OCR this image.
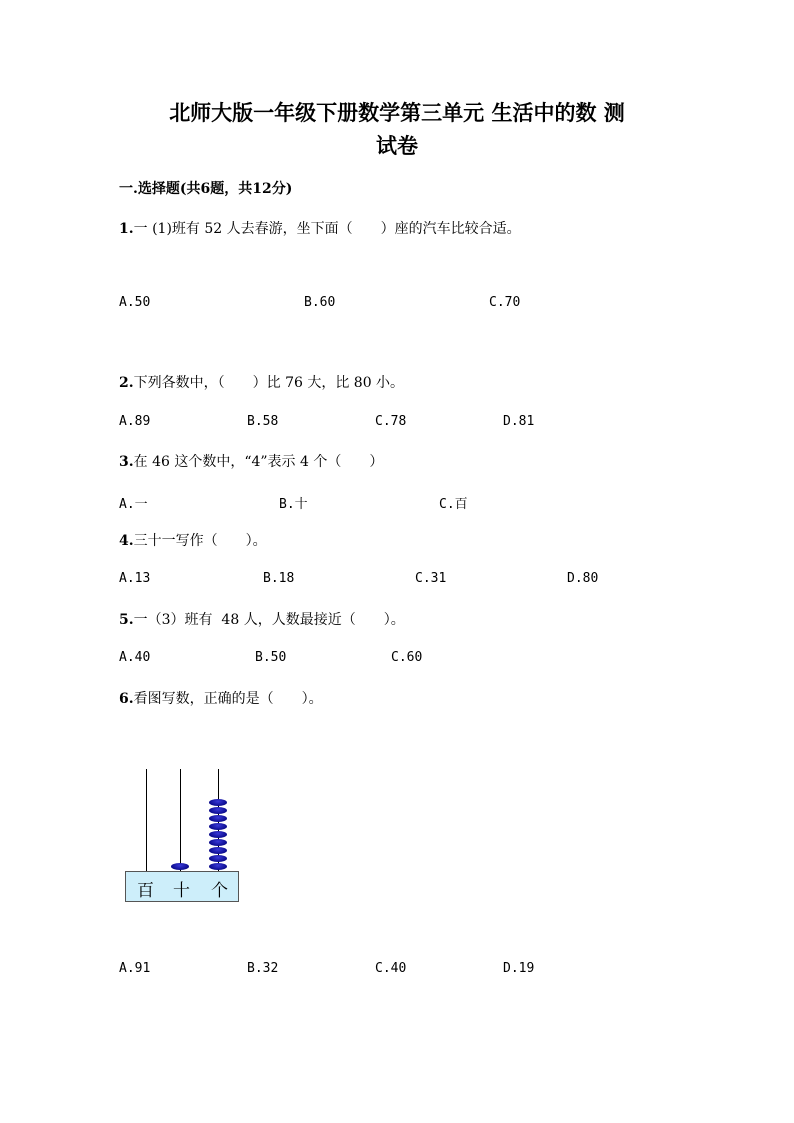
北师大版一年级下册数学第三单元 生活中的数 测
试卷
一.选择题(共6题，共12分)
1.一 (1)班有 52 人去春游，坐下面（　　）座的汽车比较合适。
A.50	B.60	C.70
2.下列各数中，（　　）比 76 大，比 80 小。
A.89	B.58	C.78	D.81
3.在 46 这个数中，“4”表示 4 个（　　）
A.一	B.十	C.百
4.三十一写作（　　）。
A.13	B.18	C.31	D.80
5.一（3）班有  48 人，人数最接近（　　）。
A.40	B.50	C.60
6.看图写数，正确的是（　　）。
百 十 个
A.91	B.32	C.40	D.19
